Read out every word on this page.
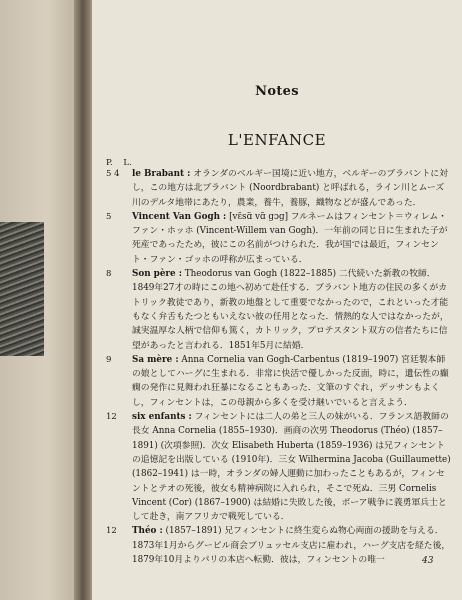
Notes
L'ENFANCE
P. L.
5 4 le Brabant : オランダのベルギー国境に近い地方，ベルギーのブラバントに対し，この地方は北ブラバント (Noordbrabant) と呼ばれる，ライン川とムーズ川のデルタ地帯にあたり，農業，養牛，養豚，織物などが盛んであった．
5 Vincent Van Gogh : [vɛ̃sɑ̃ vɑ̃ gɔg] フルネームはフィンセント＝ウィレム・ファン・ホッホ (Vincent-Willem van Gogh)．一年前の同じ日に生まれた子が死産であったため，彼にこの名前がつけられた．我が国では最近，フィンセント・ファン・ゴッホの呼称が広まっている．
8 Son père : Theodorus van Gogh (1822–1885) 二代続いた新教の牧師．1849年27才の時にこの地へ初めて赴任する．ブラバント地方の住民の多くがカトリック教徒であり，新教の地盤として重要でなかったので，これといった才能もなく弁舌もたつともいえない彼の任用となった．情熱的な人ではなかったが，誠実温厚な人柄で信仰も篤く，カトリック，プロテスタント双方の信者たちに信望があったと言われる．1851年5月に結婚．
9 Sa mère : Anna Cornelia van Gogh-Carbentus (1819–1907) 宮廷製本師の娘としてハーグに生まれる．非常に快活で優しかった反面，時に，遺伝性の癲癇の発作に見舞われ狂暴になることもあった．文筆のすぐれ，デッサンもよくし，フィンセントは，この母親から多くを受け継いでいると言えよう．
12 six enfants : フィンセントには二人の弟と三人の妹がいる．フランス語教師の長女 Anna Cornelia (1855–1930)．画商の次男 Theodorus (Théo) (1857–1891) (次項参照)．次女 Elisabeth Huberta (1859–1936) は兄フィンセントの追憶記を出版している (1910年)．三女 Wilhermina Jacoba (Guillaumette) (1862–1941) は一時，オランダの婦人運動に加わったこともあるが，フィンセントとテオの死後，彼女も精神病院に入れられ，そこで死ぬ．三男 Cornelis Vincent (Cor) (1867–1900) は結婚に失敗した後，ボーア戦争に義勇軍兵士として赴き，南アフリカで戦死している．
12 Théo : (1857–1891) 兄フィンセントに終生変らぬ物心両面の援助を与える．1873年1月からグーピル商会ブリュッセル支店に雇われ，ハーグ支店を経た後，1879年10月よりパリの本店へ転勤．彼は，フィンセントの唯一	43
